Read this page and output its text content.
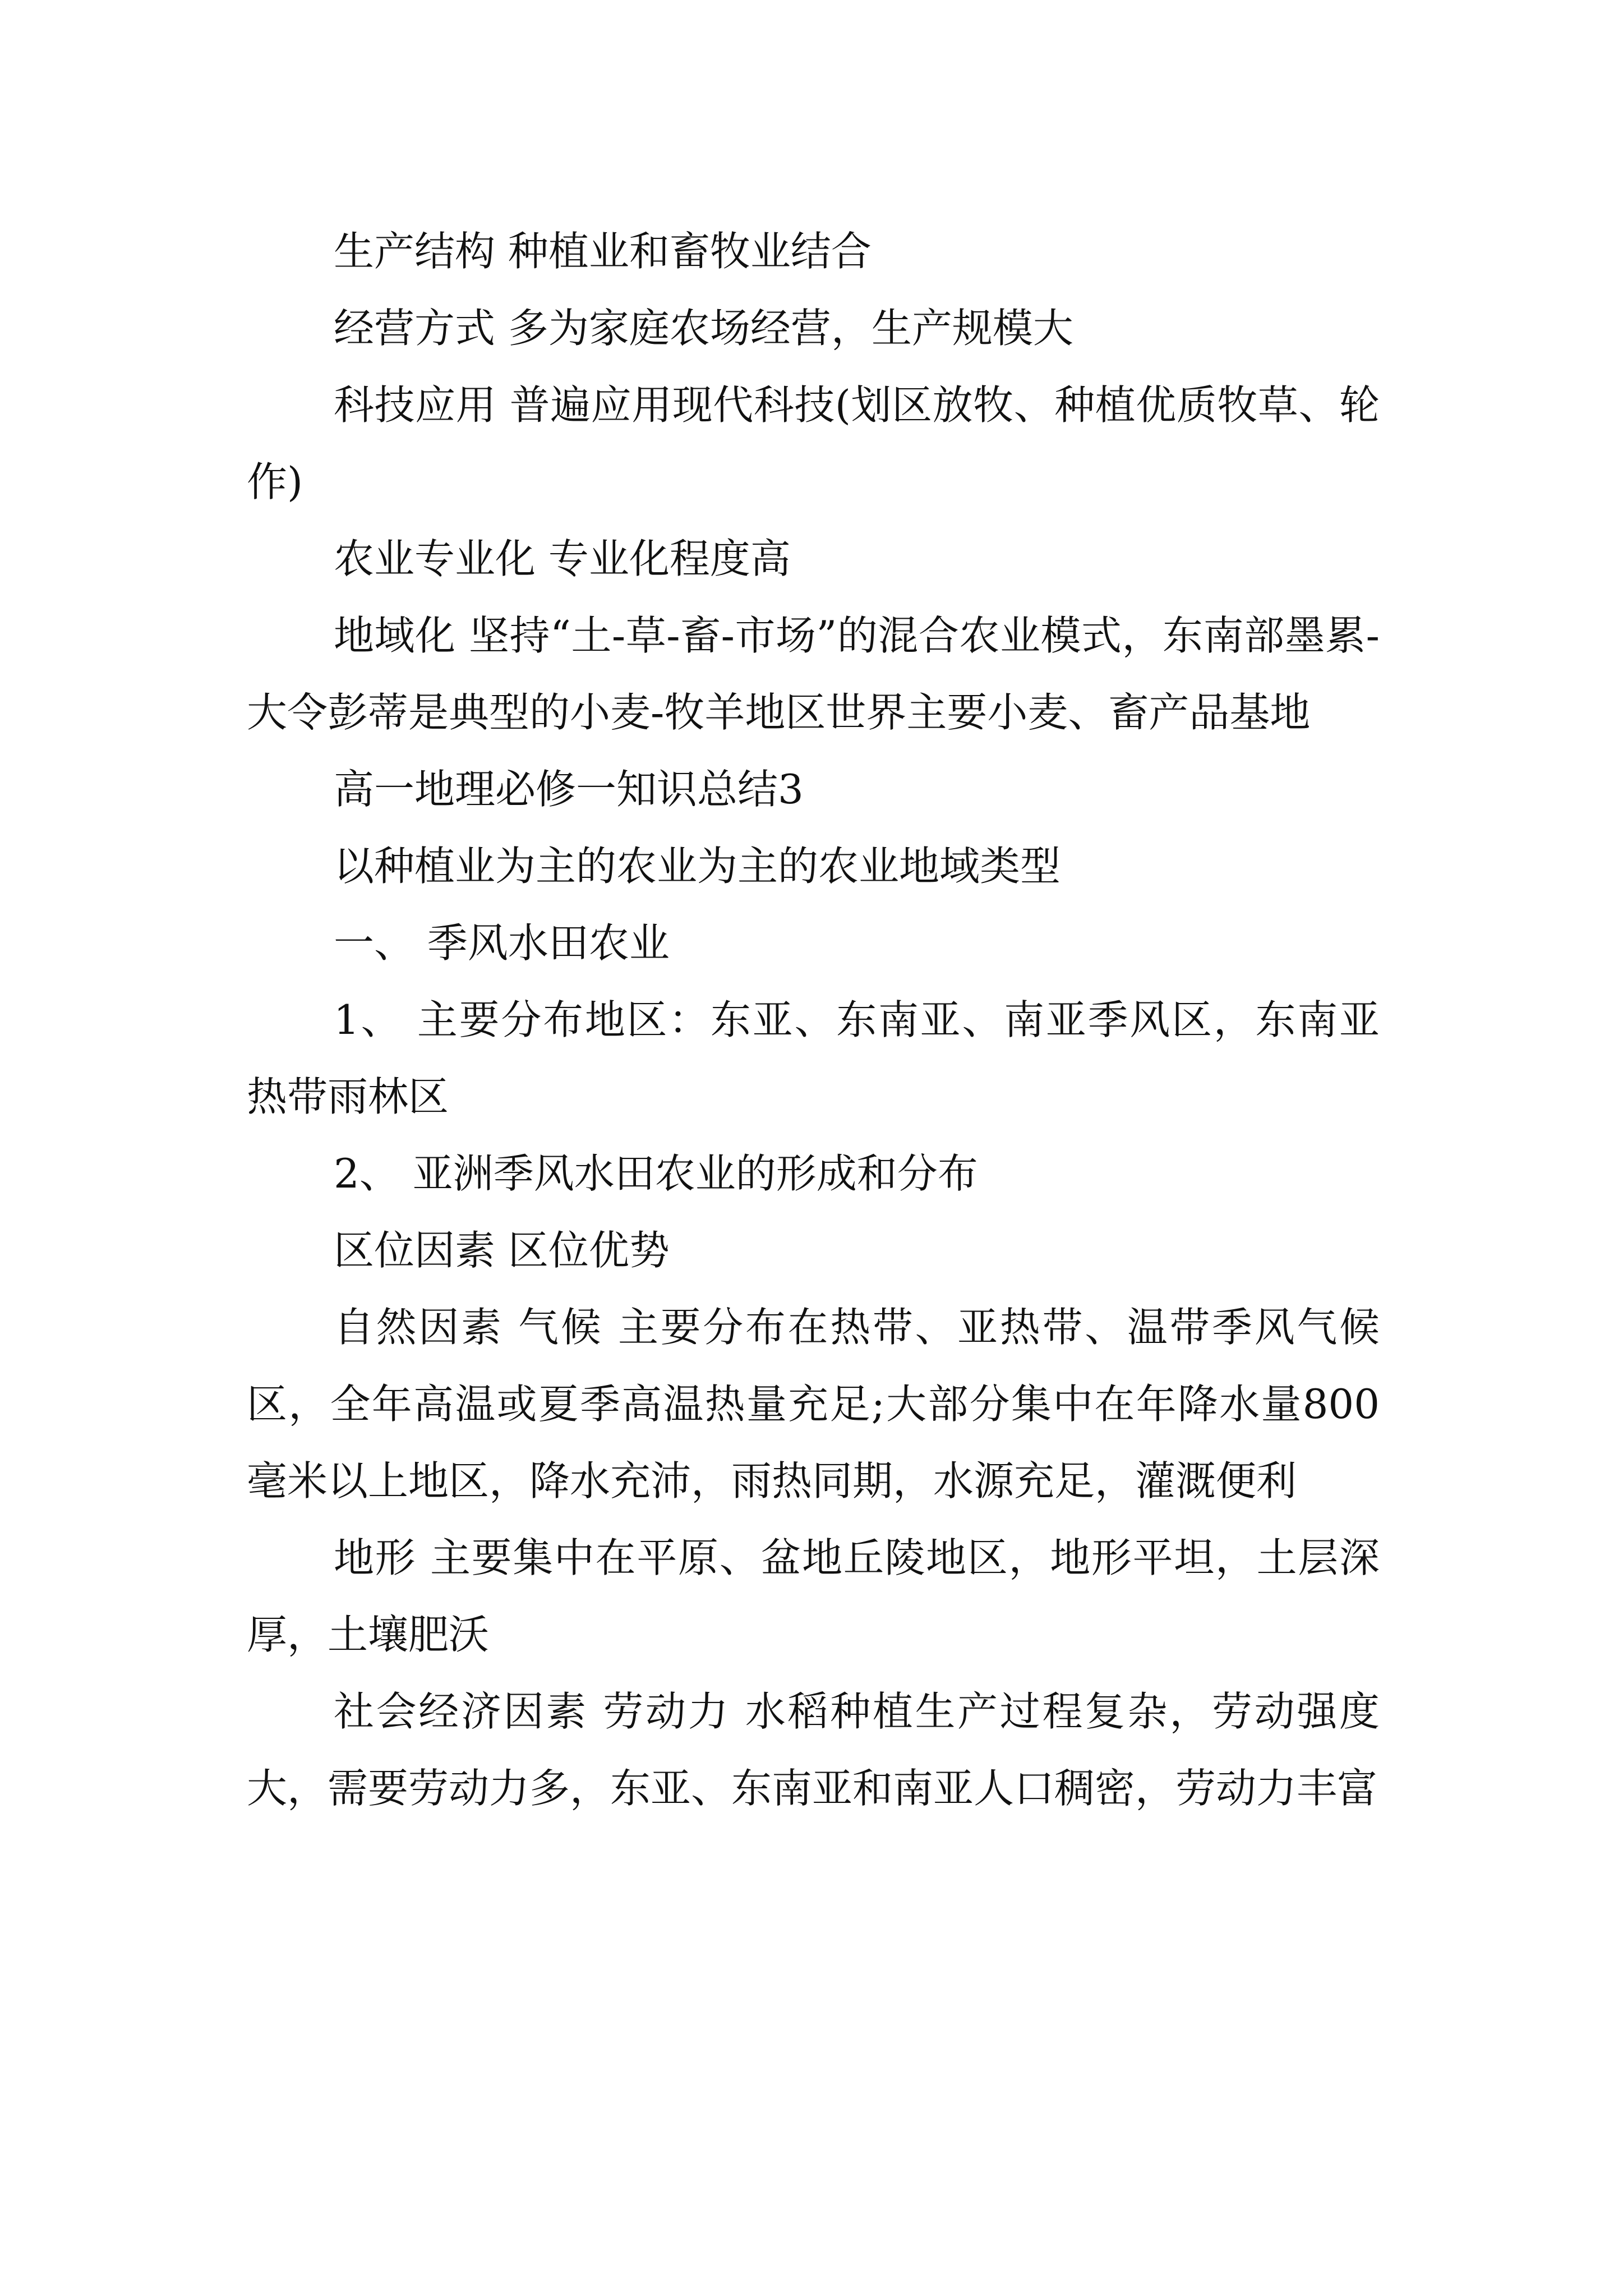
生产结构 种植业和畜牧业结合

经营方式 多为家庭农场经营，生产规模大

科技应用 普遍应用现代科技(划区放牧、种植优质牧草、轮作)

农业专业化 专业化程度高

地域化 坚持“土-草-畜-市场”的混合农业模式，东南部墨累-大令彭蒂是典型的小麦-牧羊地区世界主要小麦、畜产品基地

高一地理必修一知识总结3

以种植业为主的农业为主的农业地域类型

一、 季风水田农业

1、 主要分布地区：东亚、东南亚、南亚季风区，东南亚热带雨林区

2、 亚洲季风水田农业的形成和分布

区位因素 区位优势

自然因素 气候 主要分布在热带、亚热带、温带季风气候区，全年高温或夏季高温热量充足;大部分集中在年降水量800毫米以上地区，降水充沛，雨热同期，水源充足，灌溉便利

地形 主要集中在平原、盆地丘陵地区，地形平坦，土层深厚，土壤肥沃

社会经济因素 劳动力 水稻种植生产过程复杂，劳动强度大，需要劳动力多，东亚、东南亚和南亚人口稠密，劳动力丰富
